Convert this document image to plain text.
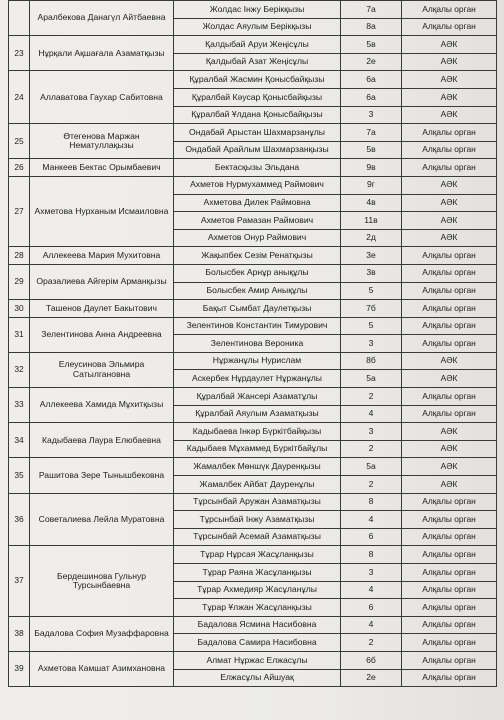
	Аралбекова Данагүл Айтбаевна	Жолдас Інжу Берікқызы	7а	Алқалы орган
		Жолдас Аяулым Берікқызы	8а	Алқалы орган
23	Нұрқали Ақшағала Азаматқызы	Қалдыбай Аруи Жеңісұлы	5в	АӘК
		Қалдыбай Азат Жеңісұлы	2е	АӘК
24	Аллаватова Гаухар Сабитовна	Құралбай Жасмин Қонысбайқызы	6а	АӘК
		Құралбай Кәусар Қонысбайқызы	6а	АӘК
		Құралбай Ұлдана Қонысбайқызы	3	АӘК
25	Өтегенова Маржан Нематуллақызы	Ондабай Арыстан Шахмарзанұлы	7а	Алқалы орган
		Ондабай Арайлым Шахмарзанқызы	5в	Алқалы орган
26	Манкеев Бектас Орымбаевич	Бектасқызы Эльдана	9в	Алқалы орган
27	Ахметова Нурханым Исмаиловна	Ахметов Нурмухаммед Раймович	9г	АӘК
		Ахметова Дилек Раймовна	4в	АӘК
		Ахметов Рамазан Раймович	11в	АӘК
		Ахметов Онур Раймович	2д	АӘК
28	Аллекеева Мария Мухитовна	Жақыпбек Сезім Ренатқызы	3е	Алқалы орган
29	Оразалиева Айгерім Арманқызы	Болысбек Арнұр анықұлы	3в	Алқалы орган
		Болысбек Амир Анықұлы	5	Алқалы орган
30	Ташенов Даулет Бакытович	Бақыт Сымбат Даулетқызы	7б	Алқалы орган
31	Зелентинова Анна Андреевна	Зелентинов Константин Тимурович	5	Алқалы орган
		Зелентинова Вероника	3	Алқалы орган
32	Елеусинова Эльмира Сатылгановна	Нұржанұлы Нурислам	8б	АӘК
		Аскербек Нұрдаулет Нұржанұлы	5а	АӘК
33	Аллекеева Хамида Мұхитқызы	Құралбай Жансері Азаматұлы	2	Алқалы орган
		Құралбай Аяулым Азаматқызы	4	Алқалы орган
34	Кадыбаева Лаура Елюбаевна	Кадыбаева Інкәр Бүркітбайқызы	3	АӘК
		Кадыбаев Мұхаммед Бүркітбайұлы	2	АӘК
35	Рашитова Зере Тынышбековна	Жамалбек Мөншүк Дауренқызы	5а	АӘК
		Жамалбек Айбат Дауренұлы	2	АӘК
36	Советалиева Лейла Муратовна	Тұрсынбай Аружан Азаматқызы	8	Алқалы орган
		Тұрсынбай Інжу Азаматқызы	4	Алқалы орган
		Тұрсынбай Асемай Азаматқызы	6	Алқалы орган
37	Бердешинова Гульнур Турсынбаевна	Тұрар Нұрсая Жасұланқызы	8	Алқалы орган
		Тұрар Раяна Жасұланқызы	3	Алқалы орган
		Тұрар Ахмедияр Жасұланұлы	4	Алқалы орган
		Тұрар Ұлжан Жасұланқызы	6	Алқалы орган
38	Бадалова София Музаффаровна	Бадалова Ясмина Насибовна	4	Алқалы орган
		Бадалова Самира Насибовна	2	Алқалы орган
39	Ахметова Камшат Азимхановна	Алмат Нұржас Елжасұлы	6б	Алқалы орган
		Елжасұлы Айшуақ	2е	Алқалы орган
